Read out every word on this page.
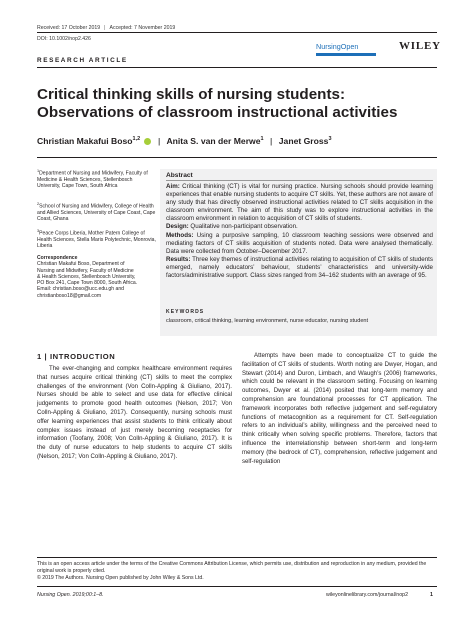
Received: 17 October 2019 | Accepted: 7 November 2019
DOI: 10.1002/nop2.426
RESEARCH ARTICLE
NursingOpen	WILEY
Critical thinking skills of nursing students: Observations of classroom instructional activities
Christian Makafui Boso$^{1,2}$ | Anita S. van der Merwe$^1$ | Janet Gross$^3$
$^1$Department of Nursing and Midwifery, Faculty of Medicine & Health Sciences, Stellenbosch University, Cape Town, South Africa
$^2$School of Nursing and Midwifery, College of Health and Allied Sciences, University of Cape Coast, Cape Coast, Ghana
$^3$Peace Corps Liberia, Mother Patern College of Health Sciences, Stella Maris Polytechnic, Monrovia, Liberia
Correspondence
Christian Makafui Boso, Department of
Nursing and Midwifery, Faculty of Medicine
& Health Sciences, Stellenbosch University,
PO Box 241, Cape Town 8000, South Africa.
Email: christian.boso@ucc.edu.gh and
christianboso18@gmail.com
Abstract

Aim: Critical thinking (CT) is vital for nursing practice. Nursing schools should provide learning experiences that enable nursing students to acquire CT skills. Yet, these authors are not aware of any study that has directly observed instructional activities related to CT skills acquisition in the classroom environment. The aim of this study was to explore instructional activities in the classroom environment in relation to acquisition of CT skills of students.

Design: Qualitative non-participant observation.

Methods: Using a purposive sampling, 10 classroom teaching sessions were observed and mediating factors of CT skills acquisition of students noted. Data were analysed thematically. Data were collected from October–December 2017.

Results: Three key themes of instructional activities relating to acquisition of CT skills of students emerged, namely educators’ behaviour, students’ characteristics and university-wide factors/administrative support. Class sizes ranged from 34–162 students with an average of 95.

KEYWORDS
classroom, critical thinking, learning environment, nurse educator, nursing student
1 | INTRODUCTION

The ever-changing and complex healthcare environment requires that nurses acquire critical thinking (CT) skills to meet the complex challenges of the environment (Von Colln-Appling & Giuliano, 2017). Nurses should be able to select and use data for effective clinical judgements to promote good health outcomes (Nelson, 2017; Von Colln-Appling & Giuliano, 2017). Consequently, nursing schools must offer learning experiences that assist students to think critically about complex issues instead of just merely becoming receptacles for information (Toofany, 2008; Von Colln-Appling & Giuliano, 2017). It is the duty of nurse educators to help students to acquire CT skills (Nelson, 2017; Von Colln-Appling & Giuliano, 2017).

Attempts have been made to conceptualize CT to guide the facilitation of CT skills of students. Worth noting are Dwyer, Hogan, and Stewart (2014) and Duron, Limbach, and Waugh’s (2006) frameworks, which could be relevant in the classroom setting. Focusing on learning outcomes, Dwyer et al. (2014) posited that long-term memory and comprehension are foundational processes for CT application. The framework incorporates both reflective judgement and self-regulatory functions of metacognition as a requirement for CT. Self-regulation refers to an individual’s ability, willingness and the perceived need to think critically when solving specific problems. Therefore, factors that influence the interrelationship between short-term and long-term memory (the bedrock of CT), comprehension, reflective judgement and self-regulation

This is an open access article under the terms of the Creative Commons Attribution License, which permits use, distribution and reproduction in any medium, provided the original work is properly cited.
© 2019 The Authors. Nursing Open published by John Wiley & Sons Ltd.
Nursing Open. 2019;00:1–8.	wileyonlinelibrary.com/journal/nop2	1
